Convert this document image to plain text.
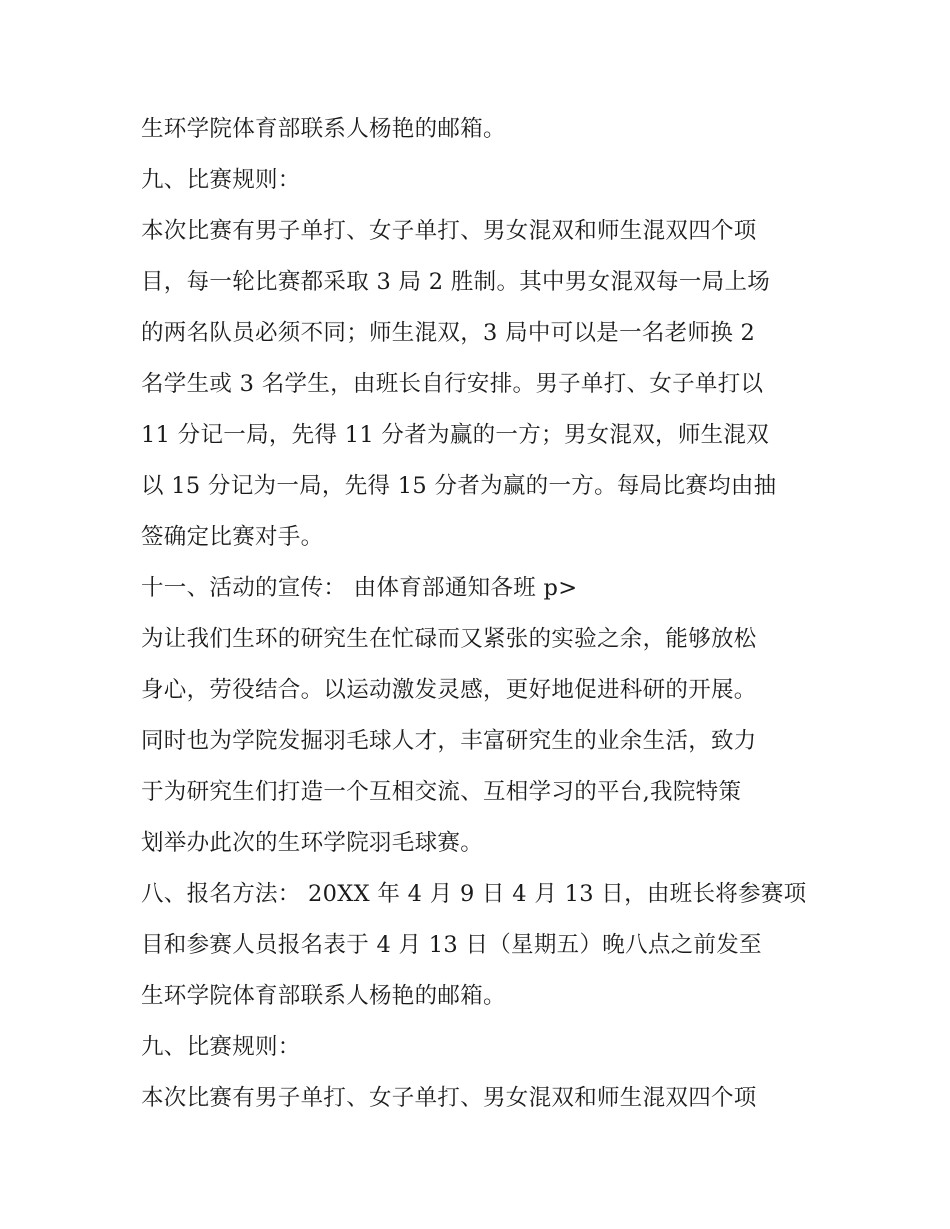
生环学院体育部联系人杨艳的邮箱。
九、比赛规则：
本次比赛有男子单打、女子单打、男女混双和师生混双四个项
目，每一轮比赛都采取 3 局 2 胜制。其中男女混双每一局上场
的两名队员必须不同；师生混双，3 局中可以是一名老师换 2
名学生或 3 名学生，由班长自行安排。男子单打、女子单打以
11 分记一局，先得 11 分者为赢的一方；男女混双，师生混双
以 15 分记为一局，先得 15 分者为赢的一方。每局比赛均由抽
签确定比赛对手。
十一、活动的宣传： 由体育部通知各班 p>
为让我们生环的研究生在忙碌而又紧张的实验之余，能够放松
身心，劳役结合。以运动激发灵感，更好地促进科研的开展。
同时也为学院发掘羽毛球人才，丰富研究生的业余生活，致力
于为研究生们打造一个互相交流、互相学习的平台,我院特策
划举办此次的生环学院羽毛球赛。
八、报名方法： 20XX 年 4 月 9 日 4 月 13 日，由班长将参赛项
目和参赛人员报名表于 4 月 13 日（星期五）晚八点之前发至
生环学院体育部联系人杨艳的邮箱。
九、比赛规则：
本次比赛有男子单打、女子单打、男女混双和师生混双四个项
